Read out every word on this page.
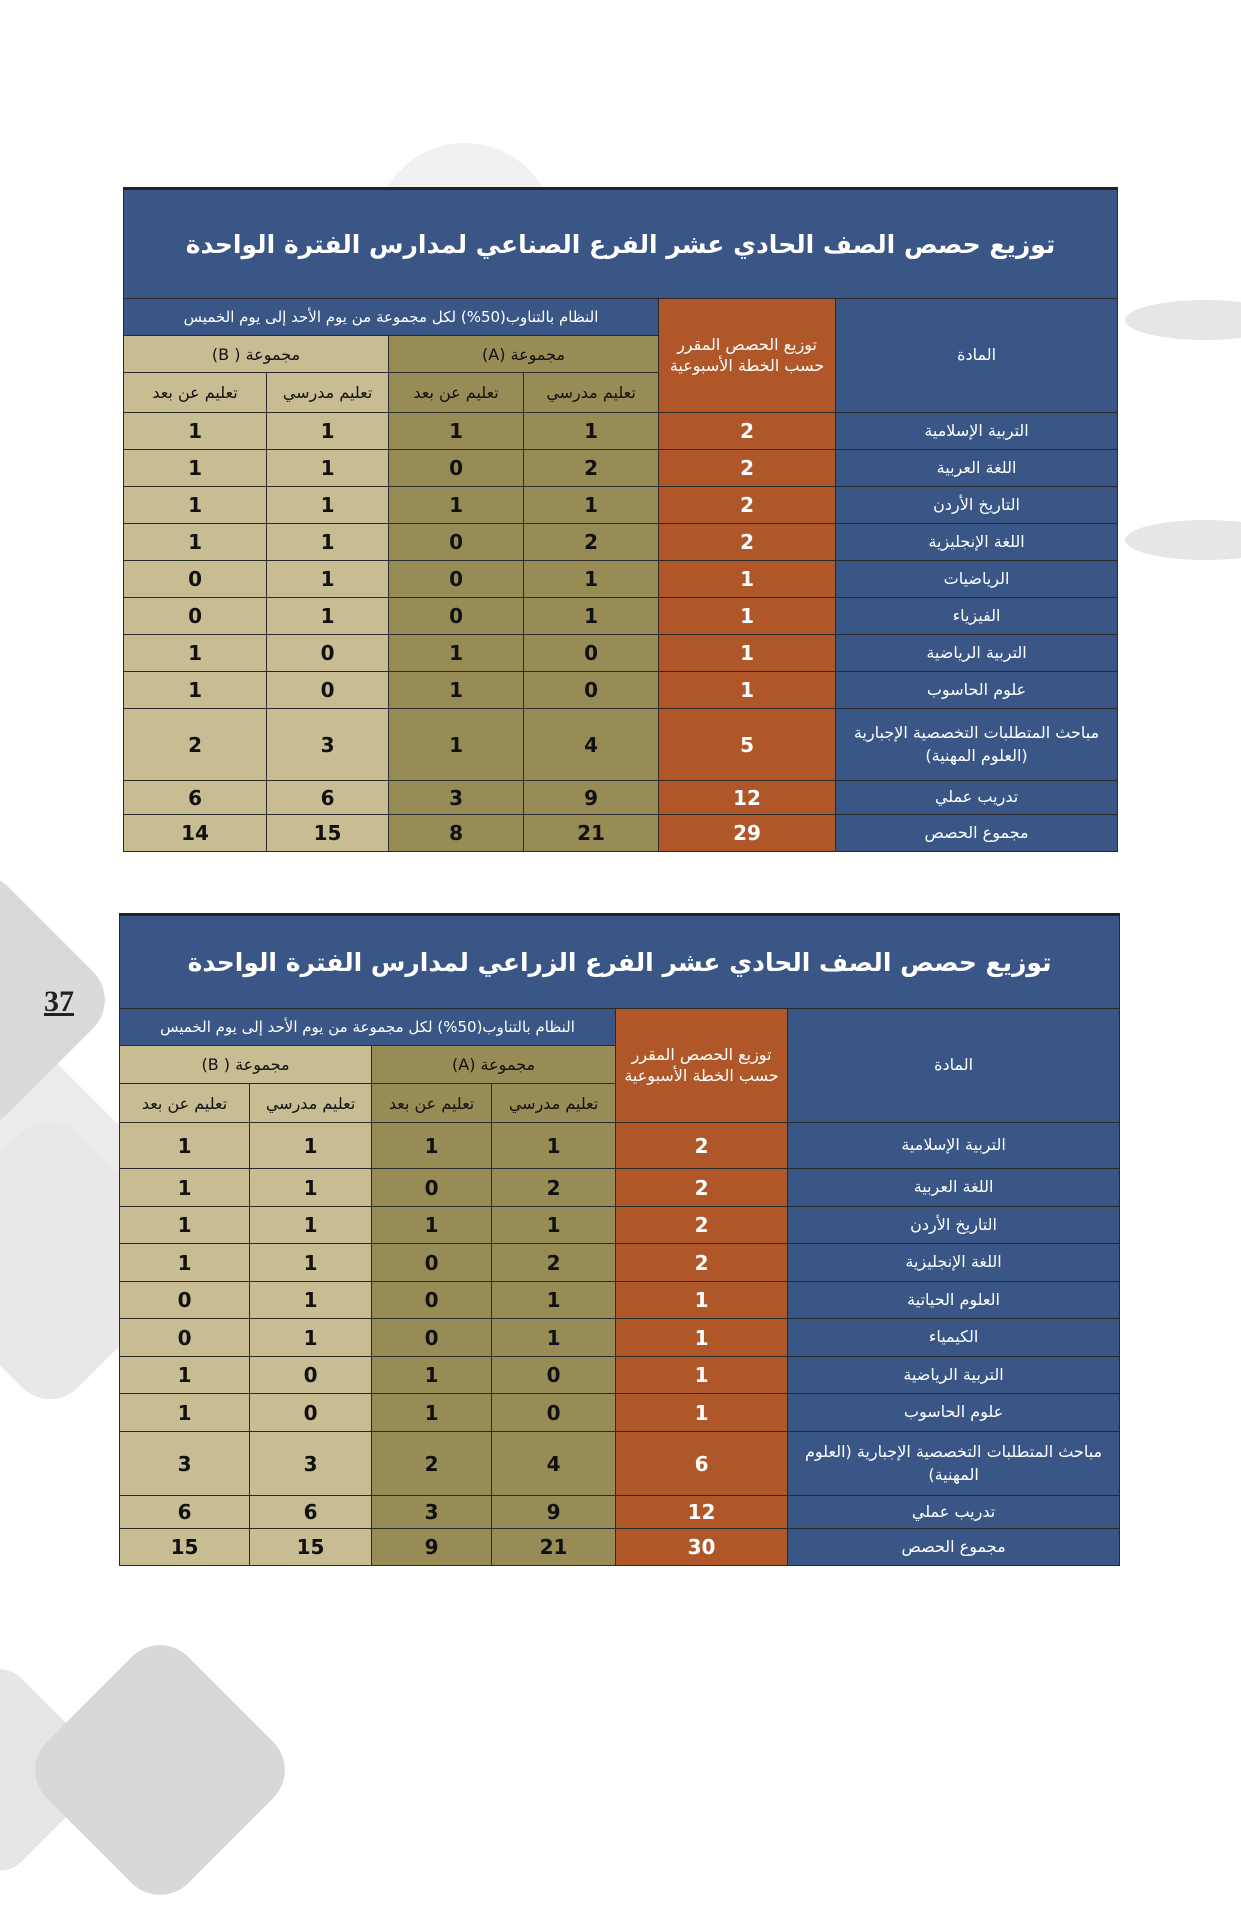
37
توزيع حصص الصف الحادي عشر الفرع الصناعي لمدارس الفترة الواحدة					
المادة	توزيع الحصص المقرر حسب الخطة الأسبوعية	النظام بالتناوب(50%) لكل مجموعة من يوم الأحد إلى يوم الخميس			
		مجموعة (A)		مجموعة ( B)	
		تعليم مدرسي	تعليم عن بعد	تعليم مدرسي	تعليم عن بعد
التربية الإسلامية	2	1	1	1	1
اللغة العربية	2	2	0	1	1
التاريخ الأردن	2	1	1	1	1
اللغة الإنجليزية	2	2	0	1	1
الرياضيات	1	1	0	1	0
الفيزياء	1	1	0	1	0
التربية الرياضية	1	0	1	0	1
علوم الحاسوب	1	0	1	0	1
مباحث المتطلبات التخصصية الإجبارية (العلوم المهنية)	5	4	1	3	2
تدريب عملي	12	9	3	6	6
مجموع الحصص	29	21	8	15	14
توزيع حصص الصف الحادي عشر الفرع الزراعي لمدارس الفترة الواحدة					
المادة	توزيع الحصص المقرر حسب الخطة الأسبوعية	النظام بالتناوب(50%) لكل مجموعة من يوم الأحد إلى يوم الخميس			
		مجموعة (A)		مجموعة ( B)	
		تعليم مدرسي	تعليم عن بعد	تعليم مدرسي	تعليم عن بعد
التربية الإسلامية	2	1	1	1	1
اللغة العربية	2	2	0	1	1
التاريخ الأردن	2	1	1	1	1
اللغة الإنجليزية	2	2	0	1	1
العلوم الحياتية	1	1	0	1	0
الكيمياء	1	1	0	1	0
التربية الرياضية	1	0	1	0	1
علوم الحاسوب	1	0	1	0	1
مباحث المتطلبات التخصصية الإجبارية (العلوم المهنية)	6	4	2	3	3
تدريب عملي	12	9	3	6	6
مجموع الحصص	30	21	9	15	15
